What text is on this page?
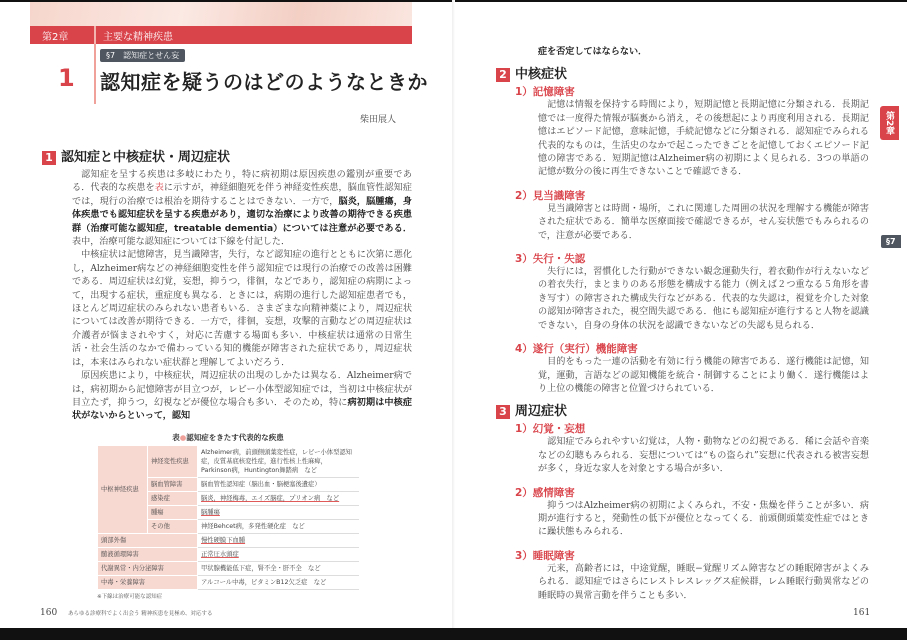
第2章	主要な精神疾患
§7　認知症とせん妄
1 認知症を疑うのはどのようなときか
柴田展人
1 認知症と中核症状・周辺症状
認知症を呈する疾患は多岐にわたり，特に病初期は原因疾患の鑑別が重要である．代表的な疾患を表に示すが，神経細胞死を伴う神経変性疾患，脳血管性認知症では，現行の治療では根治を期待することはできない．一方で，脳炎，脳腫瘍，身体疾患でも認知症状を呈する疾患があり，適切な治療により改善の期待できる疾患群（治療可能な認知症，treatable dementia）については注意が必要である．表中，治療可能な認知症については下線を付記した．
中核症状は記憶障害，見当識障害，失行，など認知症の進行とともに次第に悪化し，Alzheimer病などの神経細胞変性を伴う認知症では現行の治療での改善は困難である．周辺症状は幻覚，妄想，抑うつ，徘徊，などであり，認知症の病期によって，出現する症状，重症度も異なる．ときには，病期の進行した認知症患者でも，ほとんど周辺症状のみられない患者もいる．さまざまな向精神薬により，周辺症状については改善が期待できる．一方で，徘徊，妄想，攻撃的言動などの周辺症状は介護者が悩まされやすく，対応に苦慮する場面も多い．中核症状は通常の日常生活・社会生活のなかで備わっている知的機能が障害された症状であり，周辺症状は，本来はみられない症状群と理解してよいだろう．
原因疾患により，中核症状，周辺症状の出現のしかたは異なる．Alzheimer病では，病初期から記憶障害が目立つが，レビー小体型認知症では，当初は中核症状が目立たず，抑うつ，幻視などが優位な場合も多い．そのため，特に病初期は中核症状がないからといって，認知
表●認知症をきたす代表的な疾患
中枢神経疾患	神経変性疾患	Alzheimer病，前頭側頭葉変性症，レビー小体型認知症，皮質基底核変性症，進行性核上性麻痺，Parkinson病，Huntington舞踏病　など
	脳血管障害	脳血管性認知症（脳出血・脳梗塞後遺症）
	感染症	脳炎，神経梅毒，エイズ脳症，プリオン病　など
	腫瘍	脳腫瘍
	その他	神経Behcet病，多発性硬化症　など
頭部外傷		慢性硬膜下血腫
髄液循環障害		正常圧水頭症
代謝異常・内分泌障害		甲状腺機能低下症，腎不全・肝不全　など
中毒・栄養障害		アルコール中毒，ビタミンB12欠乏症　など
※下線は治療可能な認知症
160 あらゆる診療科でよく出会う 精神疾患を見極め、対応する
症を否定してはならない．
2 中核症状
1）記憶障害
記憶は情報を保持する時間により，短期記憶と長期記憶に分類される．長期記憶では一度得た情報が脳裏から消え，その後想起により再度利用される．長期記憶はエピソード記憶，意味記憶，手続記憶などに分類される．認知症でみられる代表的なものは，生活史のなかで起こったできごとを記憶しておくエピソード記憶の障害である．短期記憶はAlzheimer病の初期によく見られる．3つの単語の記憶が数分の後に再生できないことで確認できる．
2）見当識障害
見当識障害とは時間・場所，これに関連した周囲の状況を理解する機能が障害された症状である．簡単な医療面接で確認できるが，せん妄状態でもみられるので，注意が必要である．
3）失行・失認
失行には，習慣化した行動ができない観念運動失行，着衣動作が行えないなどの着衣失行，まとまりのある形態を構成する能力（例えば２つ重なる５角形を書き写す）の障害された構成失行などがある．代表的な失認は，視覚を介した対象の認知が障害された，視空間失認である．他にも認知症が進行すると人物を認識できない，自身の身体の状況を認識できないなどの失認も見られる．
4）遂行（実行）機能障害
目的をもった一連の活動を有効に行う機能の障害である．遂行機能は記憶，知覚，運動，言語などの認知機能を統合・制御することにより働く．遂行機能はより上位の機能の障害と位置づけられている．
3 周辺症状
1）幻覚・妄想
認知症でみられやすい幻覚は，人物・動物などの幻視である．稀に会話や音楽などの幻聴もみられる．妄想については“もの盗られ”妄想に代表される被害妄想が多く，身近な家人を対象とする場合が多い．
2）感情障害
抑うつはAlzheimer病の初期によくみられ，不安・焦燥を伴うことが多い．病期が進行すると，発動性の低下が優位となってくる．前頭側頭葉変性症ではときに躁状態もみられる．
3）睡眠障害
元来，高齢者には，中途覚醒，睡眠−覚醒リズム障害などの睡眠障害がよくみられる．認知症ではさらにレストレスレッグス症候群，レム睡眠行動異常などの睡眠時の異常言動を伴うことも多い．
第2章
§7
161
